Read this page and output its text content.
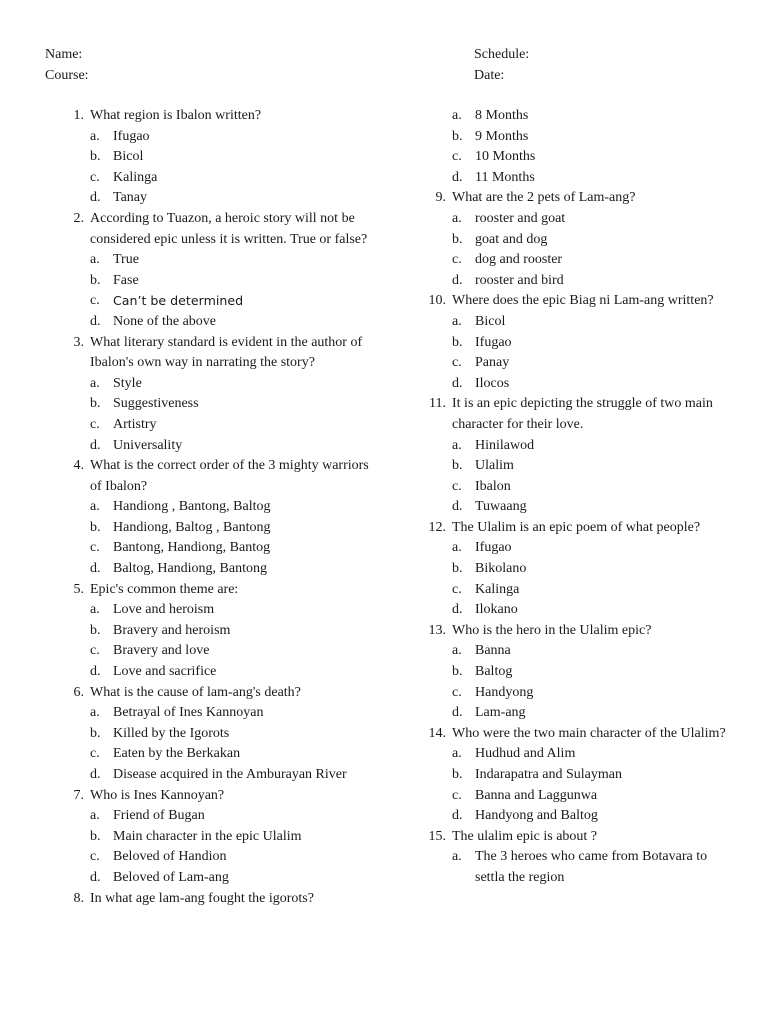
Name:
Course:
Schedule:
Date:
1. What region is Ibalon written?
a. Ifugao
b. Bicol
c. Kalinga
d. Tanay
2. According to Tuazon, a heroic story will not be considered epic unless it is written. True or false?
a. True
b. Fase
c.	Can’t be determined
d. None of the above
3. What literary standard is evident in the author of Ibalon's own way in narrating the story?
a. Style
b. Suggestiveness
c. Artistry
d. Universality
4. What is the correct order of the 3 mighty warriors of Ibalon?
a. Handiong , Bantong, Baltog
b. Handiong, Baltog , Bantong
c. Bantong, Handiong, Bantog
d. Baltog, Handiong, Bantong
5. Epic's common theme are:
a. Love and heroism
b. Bravery and heroism
c. Bravery and love
d. Love and sacrifice
6. What is the cause of lam-ang's death?
a. Betrayal of Ines Kannoyan
b. Killed by the Igorots
c. Eaten by the Berkakan
d. Disease acquired in the Amburayan River
7. Who is Ines Kannoyan?
a. Friend of Bugan
b. Main character in the epic Ulalim
c. Beloved of Handion
d. Beloved of Lam-ang
8. In what age lam-ang fought the igorots?
a. 8 Months
b. 9 Months
c. 10 Months
d. 11 Months
9. What are the 2 pets of Lam-ang?
a. rooster and goat
b. goat and dog
c. dog and rooster
d. rooster and bird
10. Where does the epic Biag ni Lam-ang written?
a. Bicol
b. Ifugao
c. Panay
d. Ilocos
11. It is an epic depicting the struggle of two main character for their love.
a. Hinilawod
b. Ulalim
c. Ibalon
d. Tuwaang
12. The Ulalim is an epic poem of what people?
a. Ifugao
b. Bikolano
c. Kalinga
d. Ilokano
13. Who is the hero in the Ulalim epic?
a. Banna
b. Baltog
c. Handyong
d. Lam-ang
14. Who were the two main character of the Ulalim?
a. Hudhud and Alim
b. Indarapatra and Sulayman
c. Banna and Laggunwa
d. Handyong and Baltog
15. The ulalim epic is about ?
a. The 3 heroes who came from Botavara to settla the region
